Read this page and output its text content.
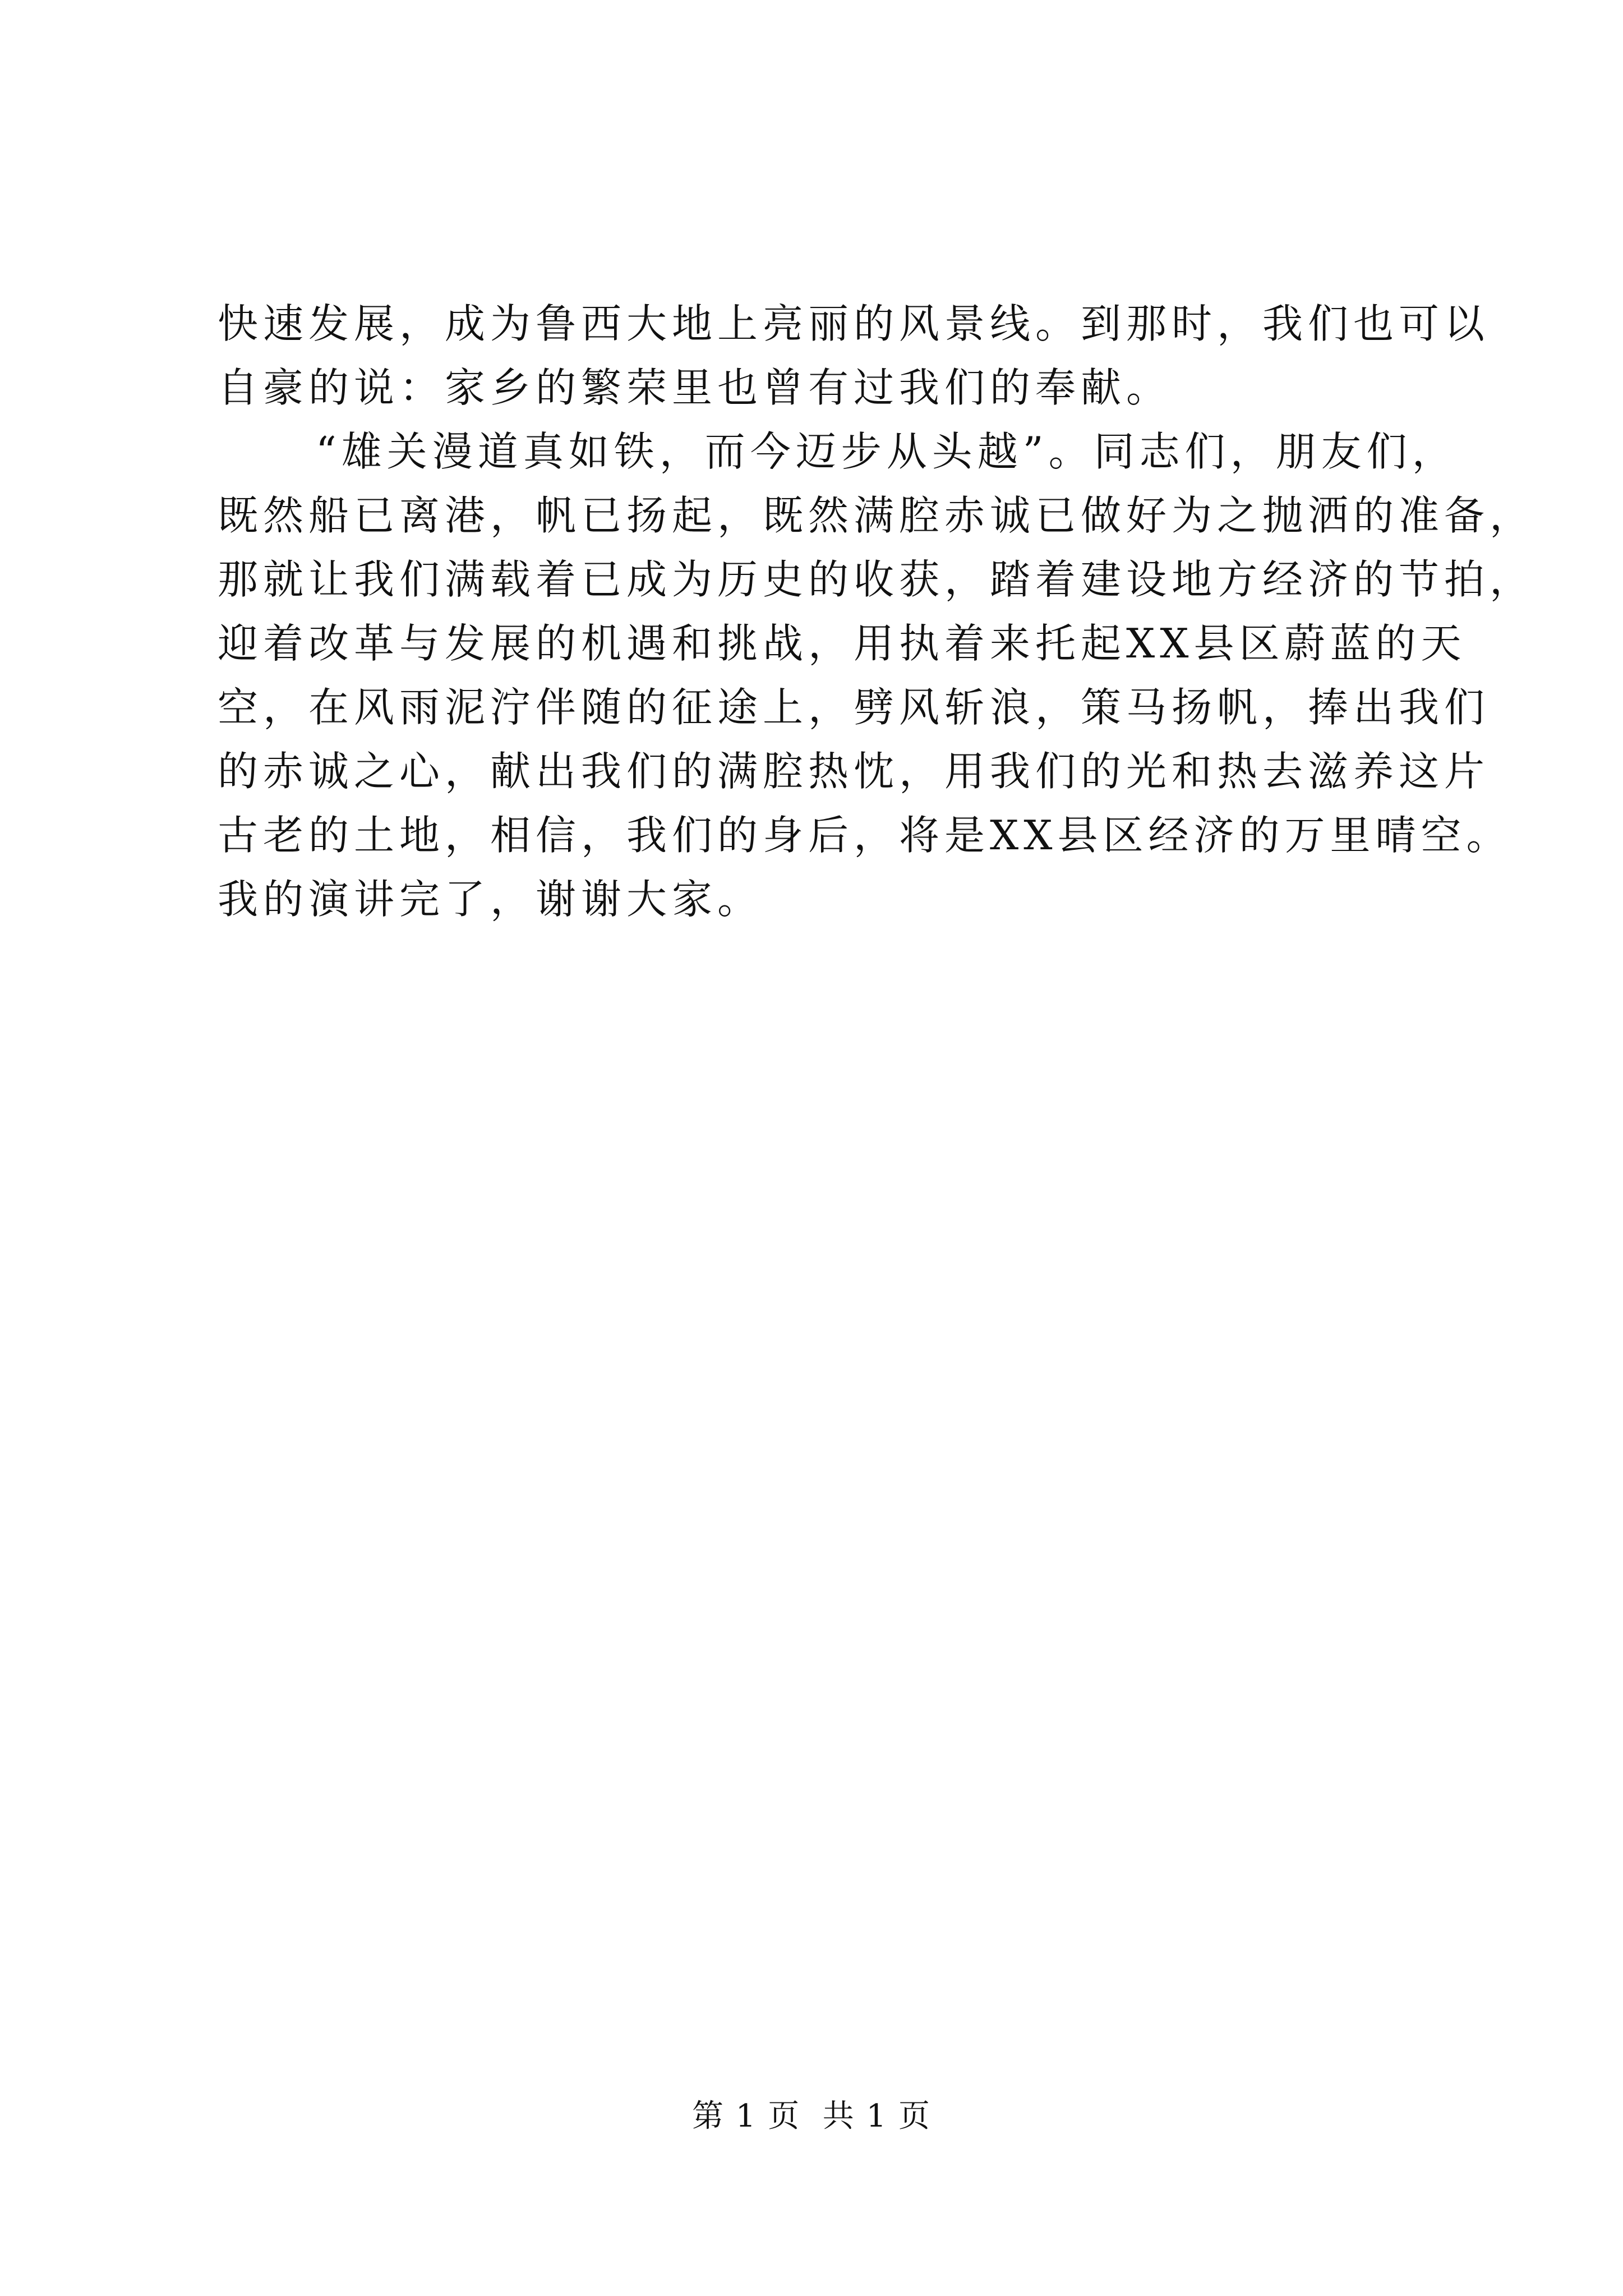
快速发展，成为鲁西大地上亮丽的风景线。到那时，我们也可以
自豪的说：家乡的繁荣里也曾有过我们的奉献。
“雄关漫道真如铁，而今迈步从头越”。同志们，朋友们，
既然船已离港，帆已扬起，既然满腔赤诚已做好为之抛洒的准备，
那就让我们满载着已成为历史的收获，踏着建设地方经济的节拍，
迎着改革与发展的机遇和挑战，用执着来托起XX县区蔚蓝的天
空，在风雨泥泞伴随的征途上，劈风斩浪，策马扬帆，捧出我们
的赤诚之心，献出我们的满腔热忱，用我们的光和热去滋养这片
古老的土地，相信，我们的身后，将是XX县区经济的万里晴空。
我的演讲完了，谢谢大家。
第 1 页  共 1 页
